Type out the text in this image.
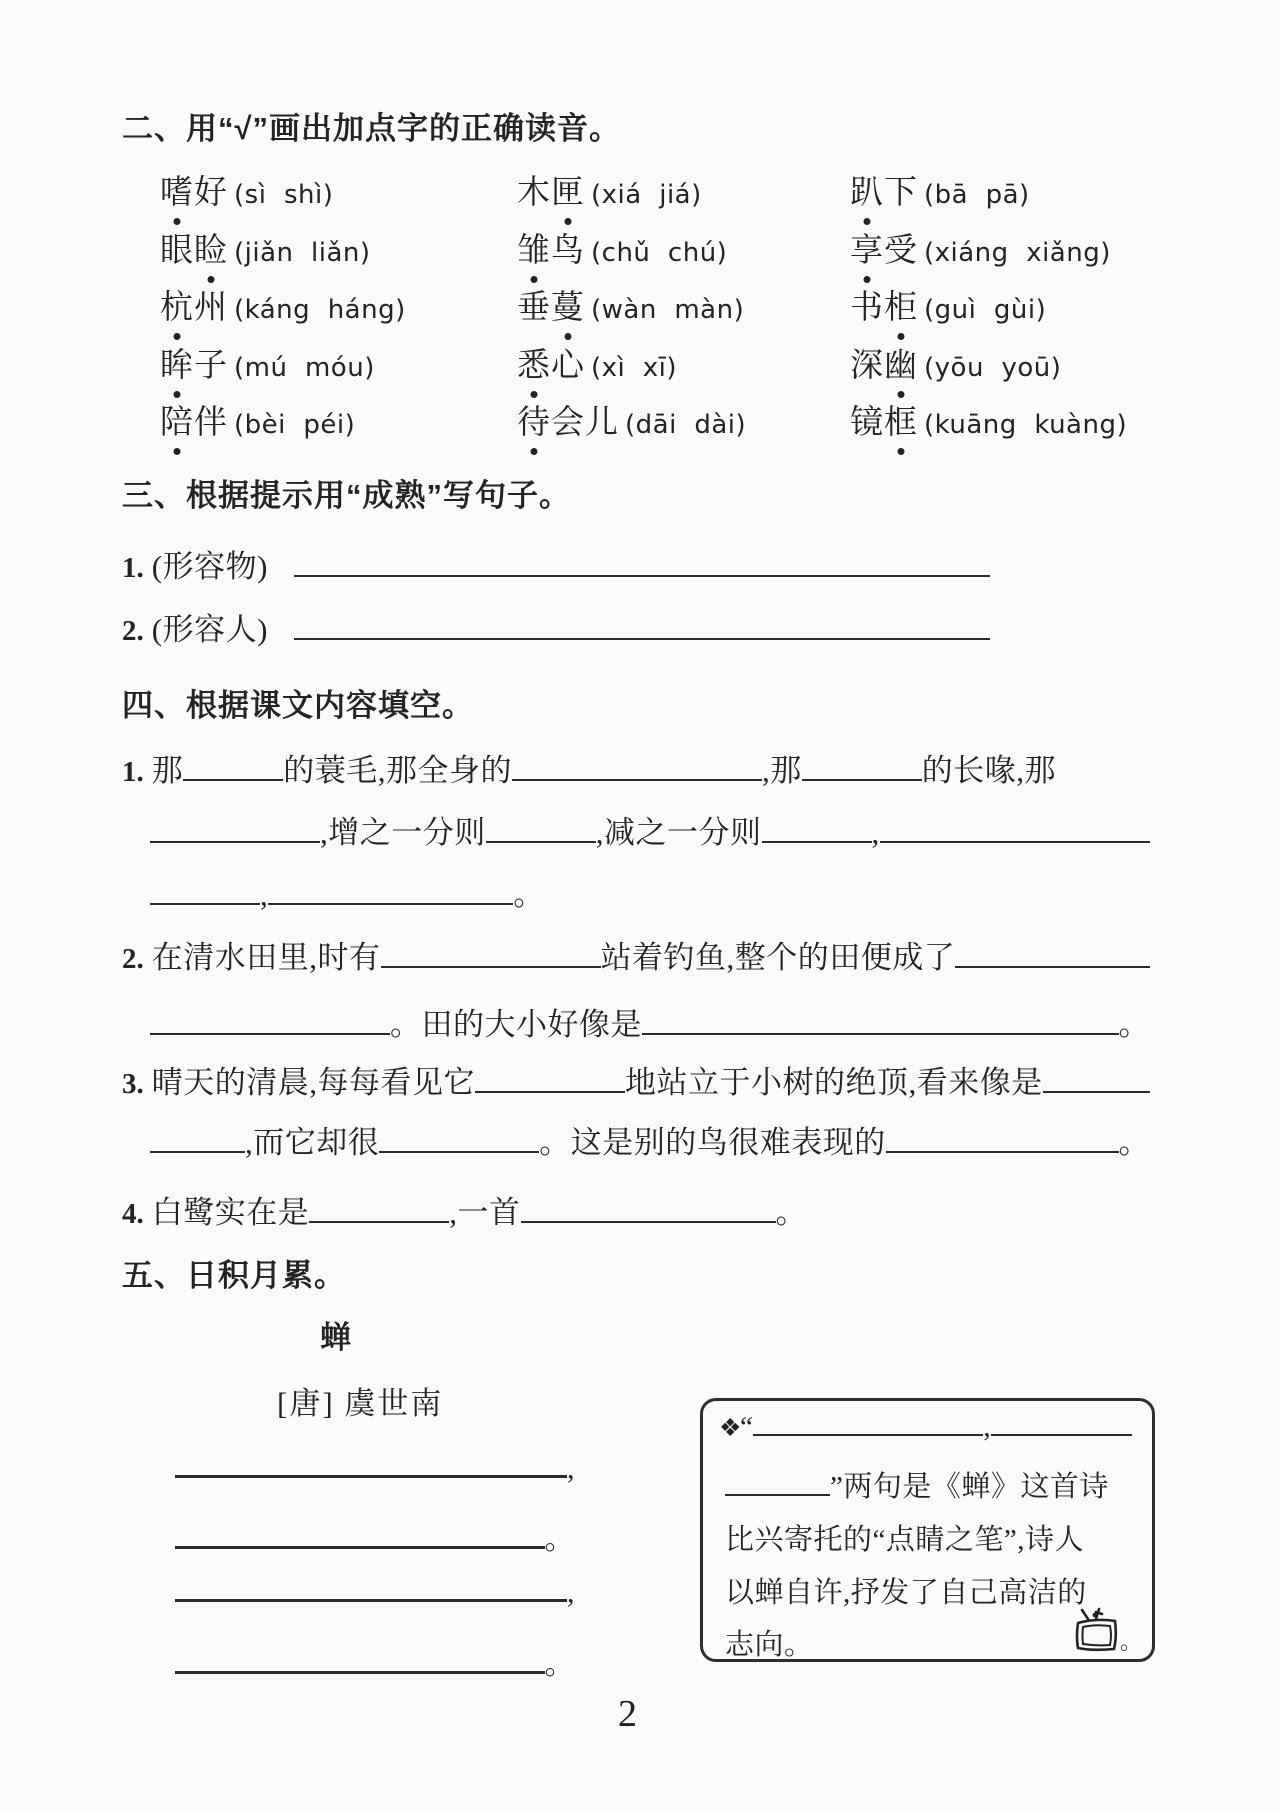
二、用“√”画出加点字的正确读音。
嗜好 (sì  shì)	木匣 (xiá  jiá)	趴下 (bā  pā)
眼睑 (jiǎn  liǎn)	雏鸟 (chǔ  chú)	享受 (xiáng  xiǎng)
杭州 (káng  háng)	垂蔓 (wàn  màn)	书柜 (guì  gùi)
眸子 (mú  móu)	悉心 (xì  xī)	深幽 (yōu  yoū)
陪伴 (bèi  péi)	待会儿 (dāi  dài)	镜框 (kuāng  kuàng)
三、根据提示用“成熟”写句子。
1. (形容物)
2. (形容人)
四、根据课文内容填空。
1. 那	的蓑毛,那全身的	,那	的长喙,那
,增之一分则	,减之一分则	,
,	。
2. 在清水田里,时有	站着钓鱼,整个的田便成了
。田的大小好像是	。
3. 晴天的清晨,每每看见它	地站立于小树的绝顶,看来像是
,而它却很	。这是别的鸟很难表现的	。
4. 白鹭实在是	,一首	。
五、日积月累。
蝉
[唐] 虞世南
,
。
,
。
❖
。
“	,
”两句是《蝉》这首诗
比兴寄托的“点睛之笔”,诗人
以蝉自许,抒发了自己高洁的
志向。
2
